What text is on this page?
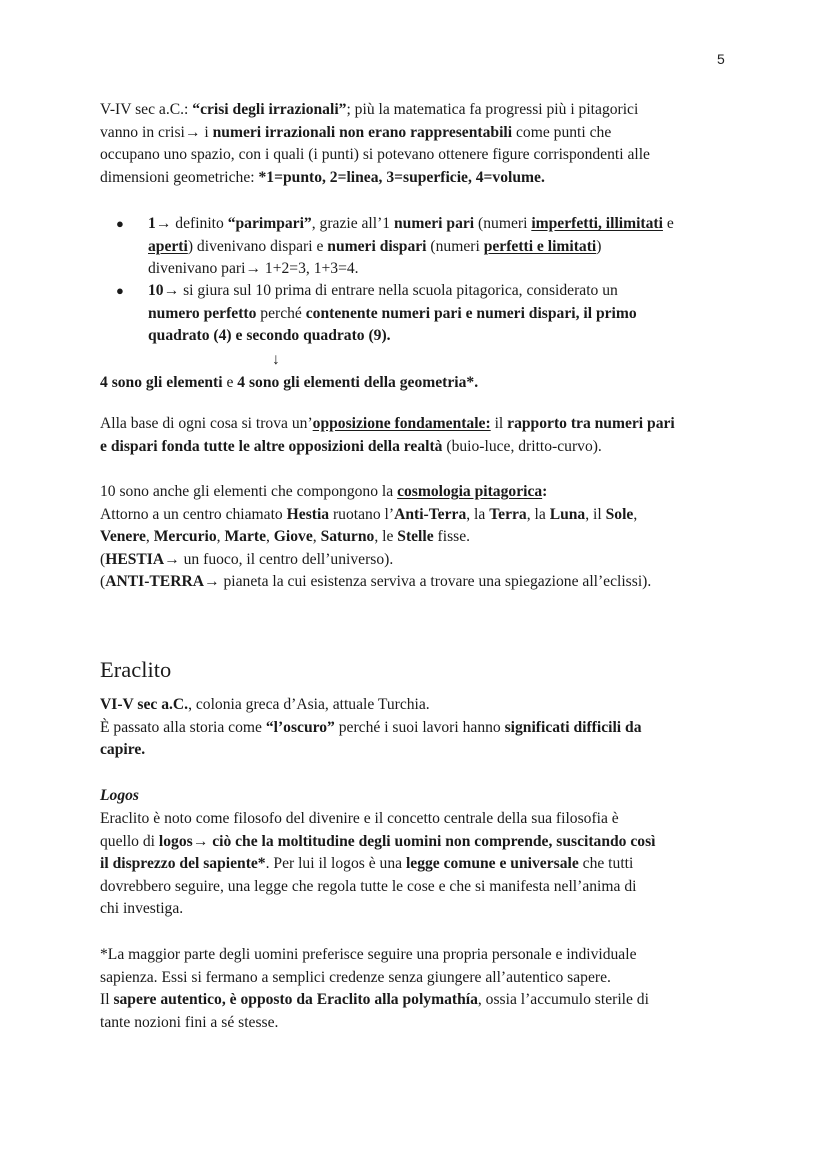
5
Eraclito
V-IV sec a.C.: “crisi degli irrazionali”; più la matematica fa progressi più i pitagorici
vanno in crisi→ i numeri irrazionali non erano rappresentabili come punti che
occupano uno spazio, con i quali (i punti) si potevano ottenere figure corrispondenti alle
dimensioni geometriche: *1=punto, 2=linea, 3=superficie, 4=volume.
● 1→ definito “parimpari”, grazie all’1 numeri pari (numeri imperfetti, illimitati e
aperti) divenivano dispari e numeri dispari (numeri perfetti e limitati)
divenivano pari→ 1+2=3, 1+3=4.
● 10→ si giura sul 10 prima di entrare nella scuola pitagorica, considerato un
numero perfetto perché contenente numeri pari e numeri dispari, il primo
quadrato (4) e secondo quadrato (9).
↓
4 sono gli elementi e 4 sono gli elementi della geometria*.
Alla base di ogni cosa si trova un’opposizione fondamentale: il rapporto tra numeri pari
e dispari fonda tutte le altre opposizioni della realtà (buio-luce, dritto-curvo).
10 sono anche gli elementi che compongono la cosmologia pitagorica:
Attorno a un centro chiamato Hestia ruotano l’Anti-Terra, la Terra, la Luna, il Sole,
Venere, Mercurio, Marte, Giove, Saturno, le Stelle fisse.
(HESTIA→ un fuoco, il centro dell’universo).
(ANTI-TERRA→ pianeta la cui esistenza serviva a trovare una spiegazione all’eclissi).
VI-V sec a.C., colonia greca d’Asia, attuale Turchia.
È passato alla storia come “l’oscuro” perché i suoi lavori hanno significati difficili da
capire.
Logos
Eraclito è noto come filosofo del divenire e il concetto centrale della sua filosofia è
quello di logos→ ciò che la moltitudine degli uomini non comprende, suscitando così
il disprezzo del sapiente*. Per lui il logos è una legge comune e universale che tutti
dovrebbero seguire, una legge che regola tutte le cose e che si manifesta nell’anima di
chi investiga.
*La maggior parte degli uomini preferisce seguire una propria personale e individuale
sapienza. Essi si fermano a semplici credenze senza giungere all’autentico sapere.
Il sapere autentico, è opposto da Eraclito alla polymathía, ossia l’accumulo sterile di
tante nozioni fini a sé stesse.
